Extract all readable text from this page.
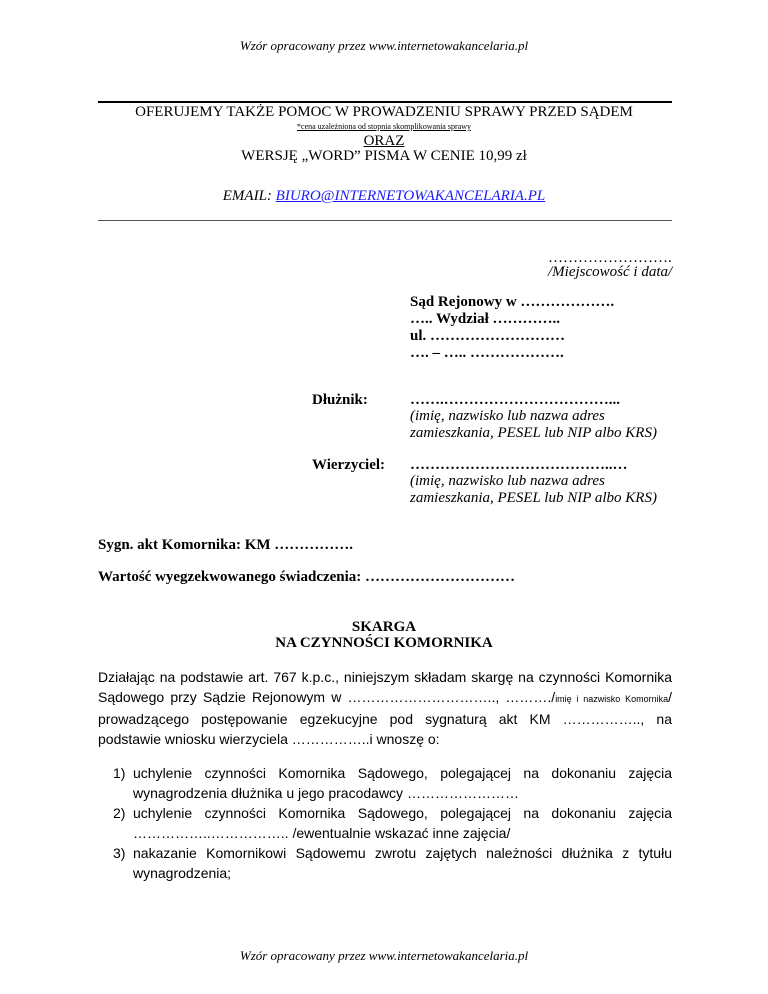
Wzór opracowany przez www.internetowakancelaria.pl
OFERUJEMY TAKŻE POMOC W PROWADZENIU SPRAWY PRZED SĄDEM
*cena uzależniona od stopnia skomplikowania sprawy
ORAZ
WERSJĘ „WORD” PISMA W CENIE 10,99 zł
EMAIL: BIURO@INTERNETOWAKANCELARIA.PL
…………………….
/Miejscowość i data/
Sąd Rejonowy w ……………….
….. Wydział …………..
ul. ………………………
…. – ….. ……………….
Dłużnik:	…….……………………………...
(imię, nazwisko lub nazwa adres
zamieszkania, PESEL lub NIP albo KRS)
Wierzyciel: …………………………………..…
(imię, nazwisko lub nazwa adres
zamieszkania, PESEL lub NIP albo KRS)
Sygn. akt Komornika: KM …………….
Wartość wyegzekwowanego świadczenia: …………………………
SKARGA
NA CZYNNOŚCI KOMORNIKA
Działając na podstawie art. 767 k.p.c., niniejszym składam skargę na czynności Komornika Sądowego przy Sądzie Rejonowym w ………………………….., ………./imię i nazwisko Komornika/ prowadzącego postępowanie egzekucyjne pod sygnaturą akt KM …………….., na podstawie wniosku wierzyciela ……………..i wnoszę o:
1) uchylenie czynności Komornika Sądowego, polegającej na dokonaniu zajęcia wynagrodzenia dłużnika u jego pracodawcy ……………………
2) uchylenie czynności Komornika Sądowego, polegającej na dokonaniu zajęcia ……………..…………….. /ewentualnie wskazać inne zajęcia/
3) nakazanie Komornikowi Sądowemu zwrotu zajętych należności dłużnika z tytułu wynagrodzenia;
Wzór opracowany przez www.internetowakancelaria.pl
